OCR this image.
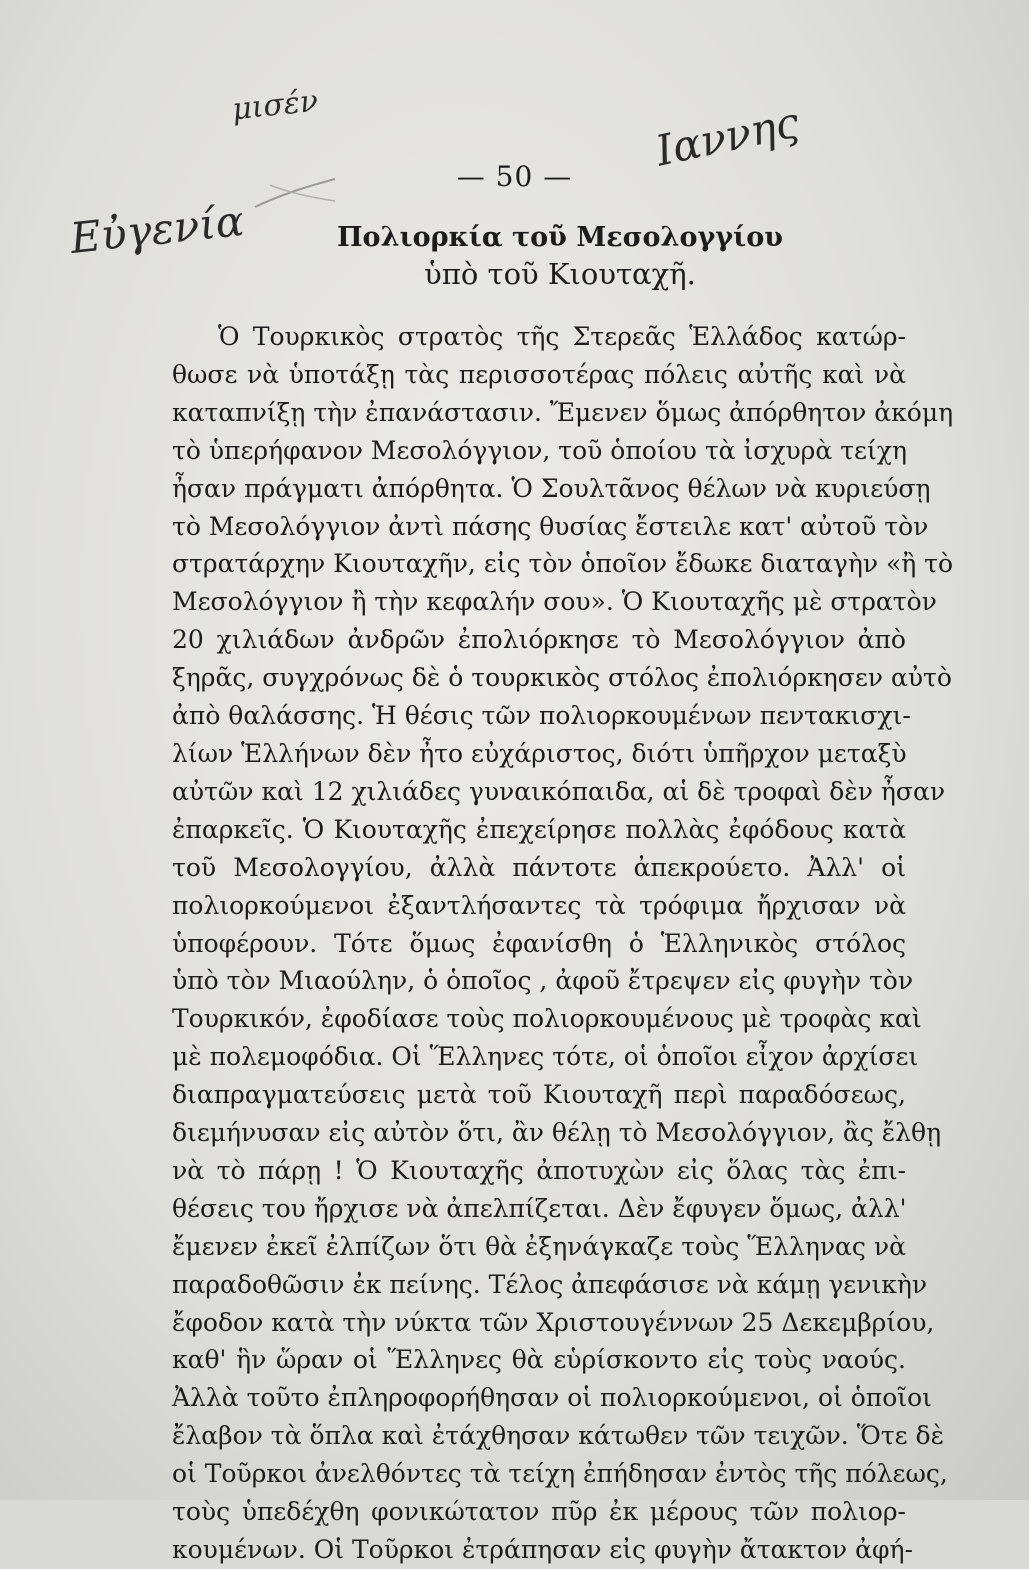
μισέν	Ιαννης
Εὐγενία
— 50 —
Πολιορκία τοῦ Μεσολογγίου
ὑπὸ τοῦ Κιουταχῆ.
Ὁ Τουρκικὸς στρατὸς τῆς Στερεᾶς Ἑλλάδος κατώρ-
θωσε νὰ ὑποτάξῃ τὰς περισσοτέρας πόλεις αὐτῆς καὶ νὰ
καταπνίξῃ τὴν ἐπανάστασιν. Ἔμενεν ὅμως ἀπόρθητον ἀκόμη
τὸ ὑπερήφανον Μεσολόγγιον, τοῦ ὁποίου τὰ ἰσχυρὰ τείχη
ἦσαν πράγματι ἀπόρθητα. Ὁ Σουλτᾶνος θέλων νὰ κυριεύσῃ
τὸ Μεσολόγγιον ἀντὶ πάσης θυσίας ἔστειλε κατ' αὐτοῦ τὸν
στρατάρχην Κιουταχῆν, εἰς τὸν ὁποῖον ἔδωκε διαταγὴν «ἢ τὸ
Μεσολόγγιον ἢ τὴν κεφαλήν σου». Ὁ Κιουταχῆς μὲ στρατὸν
20 χιλιάδων ἀνδρῶν ἐπολιόρκησε τὸ Μεσολόγγιον ἀπὸ
ξηρᾶς, συγχρόνως δὲ ὁ τουρκικὸς στόλος ἐπολιόρκησεν αὐτὸ
ἀπὸ θαλάσσης. Ἡ θέσις τῶν πολιορκουμένων πεντακισχι-
λίων Ἑλλήνων δὲν ἦτο εὐχάριστος, διότι ὑπῆρχον μεταξὺ
αὐτῶν καὶ 12 χιλιάδες γυναικόπαιδα, αἱ δὲ τροφαὶ δὲν ἦσαν
ἐπαρκεῖς. Ὁ Κιουταχῆς ἐπεχείρησε πολλὰς ἐφόδους κατὰ
τοῦ Μεσολογγίου, ἀλλὰ πάντοτε ἀπεκρούετο. Ἀλλ' οἱ
πολιορκούμενοι ἐξαντλήσαντες τὰ τρόφιμα ἤρχισαν νὰ
ὑποφέρουν. Τότε ὅμως ἐφανίσθη ὁ Ἑλληνικὸς στόλος
ὑπὸ τὸν Μιαούλην, ὁ ὁποῖος , ἀφοῦ ἔτρεψεν εἰς φυγὴν τὸν
Τουρκικόν, ἐφοδίασε τοὺς πολιορκουμένους μὲ τροφὰς καὶ
μὲ πολεμοφόδια. Οἱ Ἕλληνες τότε, οἱ ὁποῖοι εἶχον ἀρχίσει
διαπραγματεύσεις μετὰ τοῦ Κιουταχῆ περὶ παραδόσεως,
διεμήνυσαν εἰς αὐτὸν ὅτι, ἂν θέλῃ τὸ Μεσολόγγιον, ἂς ἔλθῃ
νὰ τὸ πάρῃ ! Ὁ Κιουταχῆς ἀποτυχὼν εἰς ὅλας τὰς ἐπι-
θέσεις του ἤρχισε νὰ ἀπελπίζεται. Δὲν ἔφυγεν ὅμως, ἀλλ'
ἔμενεν ἐκεῖ ἐλπίζων ὅτι θὰ ἐξηνάγκαζε τοὺς Ἕλληνας νὰ
παραδοθῶσιν ἐκ πείνης. Τέλος ἀπεφάσισε νὰ κάμῃ γενικὴν
ἔφοδον κατὰ τὴν νύκτα τῶν Χριστουγέννων 25 Δεκεμβρίου,
καθ' ἣν ὥραν οἱ Ἕλληνες θὰ εὑρίσκοντο εἰς τοὺς ναούς.
Ἀλλὰ τοῦτο ἐπληροφορήθησαν οἱ πολιορκούμενοι, οἱ ὁποῖοι
ἔλαβον τὰ ὅπλα καὶ ἐτάχθησαν κάτωθεν τῶν τειχῶν. Ὅτε δὲ
οἱ Τοῦρκοι ἀνελθόντες τὰ τείχη ἐπήδησαν ἐντὸς τῆς πόλεως,
τοὺς ὑπεδέχθη φονικώτατον πῦρ ἐκ μέρους τῶν πολιορ-
κουμένων. Οἱ Τοῦρκοι ἐτράπησαν εἰς φυγὴν ἄτακτον ἀφή-
